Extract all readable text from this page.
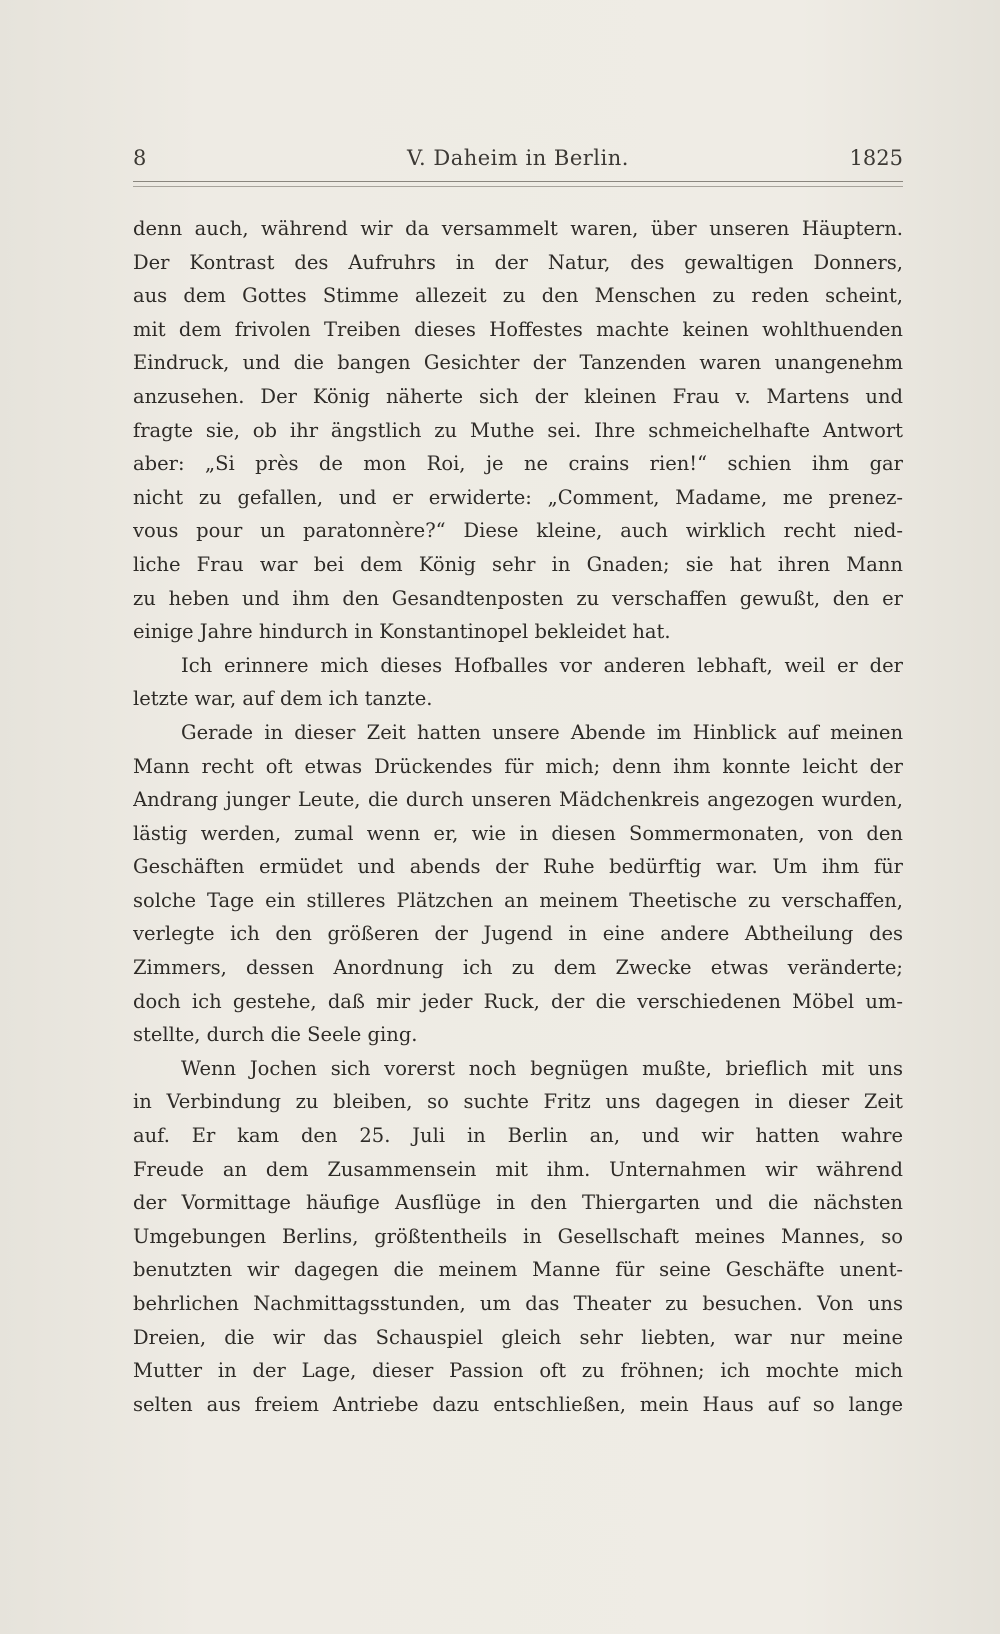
8	V. Daheim in Berlin.	1825
denn auch, während wir da versammelt waren, über unseren Häuptern.
Der Kontrast des Aufruhrs in der Natur, des gewaltigen Donners,
aus dem Gottes Stimme allezeit zu den Menschen zu reden scheint,
mit dem frivolen Treiben dieses Hoffestes machte keinen wohlthuenden
Eindruck, und die bangen Gesichter der Tanzenden waren unangenehm
anzusehen. Der König näherte sich der kleinen Frau v. Martens und
fragte sie, ob ihr ängstlich zu Muthe sei. Ihre schmeichelhafte Antwort
aber: „Si près de mon Roi, je ne crains rien!“ schien ihm gar
nicht zu gefallen, und er erwiderte: „Comment, Madame, me prenez-
vous pour un paratonnère?“ Diese kleine, auch wirklich recht nied-
liche Frau war bei dem König sehr in Gnaden; sie hat ihren Mann
zu heben und ihm den Gesandtenposten zu verschaffen gewußt, den er
einige Jahre hindurch in Konstantinopel bekleidet hat.
Ich erinnere mich dieses Hofballes vor anderen lebhaft, weil er der
letzte war, auf dem ich tanzte.
Gerade in dieser Zeit hatten unsere Abende im Hinblick auf meinen
Mann recht oft etwas Drückendes für mich; denn ihm konnte leicht der
Andrang junger Leute, die durch unseren Mädchenkreis angezogen wurden,
lästig werden, zumal wenn er, wie in diesen Sommermonaten, von den
Geschäften ermüdet und abends der Ruhe bedürftig war. Um ihm für
solche Tage ein stilleres Plätzchen an meinem Theetische zu verschaffen,
verlegte ich den größeren der Jugend in eine andere Abtheilung des
Zimmers, dessen Anordnung ich zu dem Zwecke etwas veränderte;
doch ich gestehe, daß mir jeder Ruck, der die verschiedenen Möbel um-
stellte, durch die Seele ging.
Wenn Jochen sich vorerst noch begnügen mußte, brieflich mit uns
in Verbindung zu bleiben, so suchte Fritz uns dagegen in dieser Zeit
auf. Er kam den 25. Juli in Berlin an, und wir hatten wahre
Freude an dem Zusammensein mit ihm. Unternahmen wir während
der Vormittage häufige Ausflüge in den Thiergarten und die nächsten
Umgebungen Berlins, größtentheils in Gesellschaft meines Mannes, so
benutzten wir dagegen die meinem Manne für seine Geschäfte unent-
behrlichen Nachmittagsstunden, um das Theater zu besuchen. Von uns
Dreien, die wir das Schauspiel gleich sehr liebten, war nur meine
Mutter in der Lage, dieser Passion oft zu fröhnen; ich mochte mich
selten aus freiem Antriebe dazu entschließen, mein Haus auf so lange
